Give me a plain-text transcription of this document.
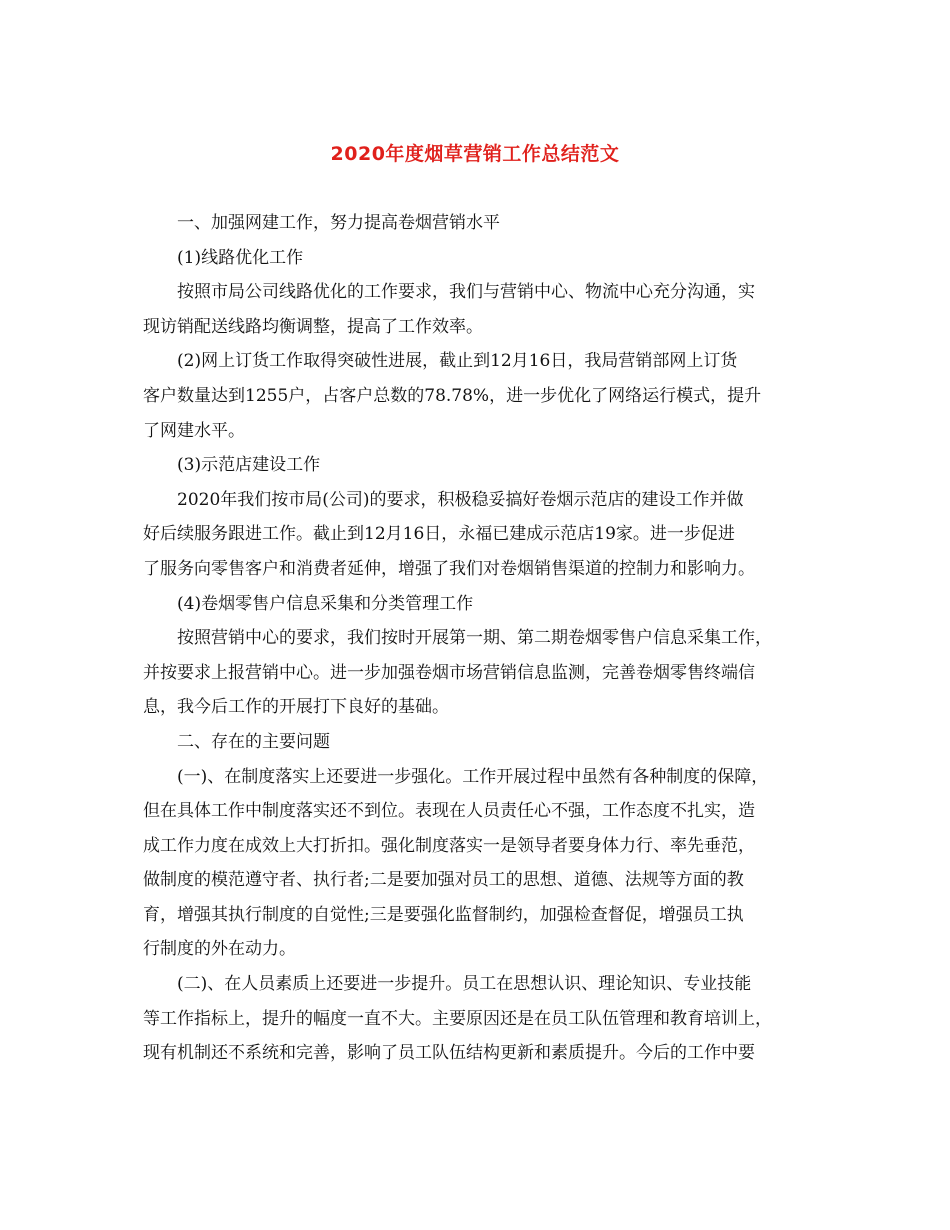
2020年度烟草营销工作总结范文
一、加强网建工作，努力提高卷烟营销水平
(1)线路优化工作
按照市局公司线路优化的工作要求，我们与营销中心、物流中心充分沟通，实
现访销配送线路均衡调整，提高了工作效率。
(2)网上订货工作取得突破性进展，截止到12月16日，我局营销部网上订货
客户数量达到1255户，占客户总数的78.78%，进一步优化了网络运行模式，提升
了网建水平。
(3)示范店建设工作
2020年我们按市局(公司)的要求，积极稳妥搞好卷烟示范店的建设工作并做
好后续服务跟进工作。截止到12月16日，永福已建成示范店19家。进一步促进
了服务向零售客户和消费者延伸，增强了我们对卷烟销售渠道的控制力和影响力。
(4)卷烟零售户信息采集和分类管理工作
按照营销中心的要求，我们按时开展第一期、第二期卷烟零售户信息采集工作，
并按要求上报营销中心。进一步加强卷烟市场营销信息监测，完善卷烟零售终端信
息，我今后工作的开展打下良好的基础。
二、存在的主要问题
(一)、在制度落实上还要进一步强化。工作开展过程中虽然有各种制度的保障，
但在具体工作中制度落实还不到位。表现在人员责任心不强，工作态度不扎实，造
成工作力度在成效上大打折扣。强化制度落实一是领导者要身体力行、率先垂范，
做制度的模范遵守者、执行者;二是要加强对员工的思想、道德、法规等方面的教
育，增强其执行制度的自觉性;三是要强化监督制约，加强检查督促，增强员工执
行制度的外在动力。
(二)、在人员素质上还要进一步提升。员工在思想认识、理论知识、专业技能
等工作指标上，提升的幅度一直不大。主要原因还是在员工队伍管理和教育培训上，
现有机制还不系统和完善，影响了员工队伍结构更新和素质提升。今后的工作中要
